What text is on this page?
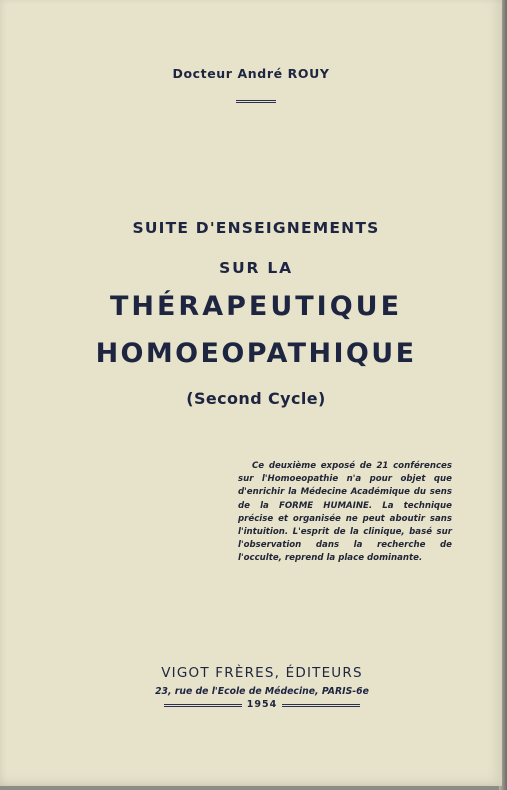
Docteur André ROUY
SUITE D'ENSEIGNEMENTS
SUR LA
THÉRAPEUTIQUE
HOMOEOPATHIQUE
(Second Cycle)
Ce deuxième exposé de 21 conférences sur l'Homoeopathie n'a pour objet que d'enrichir la Médecine Académique du sens de la FORME HUMAINE. La technique précise et organisée ne peut aboutir sans l'intuition. L'esprit de la clinique, basé sur l'observation dans la recherche de l'occulte, reprend la place dominante.
VIGOT FRÈRES, ÉDITEURS
23, rue de l'Ecole de Médecine, PARIS-6e
1954
